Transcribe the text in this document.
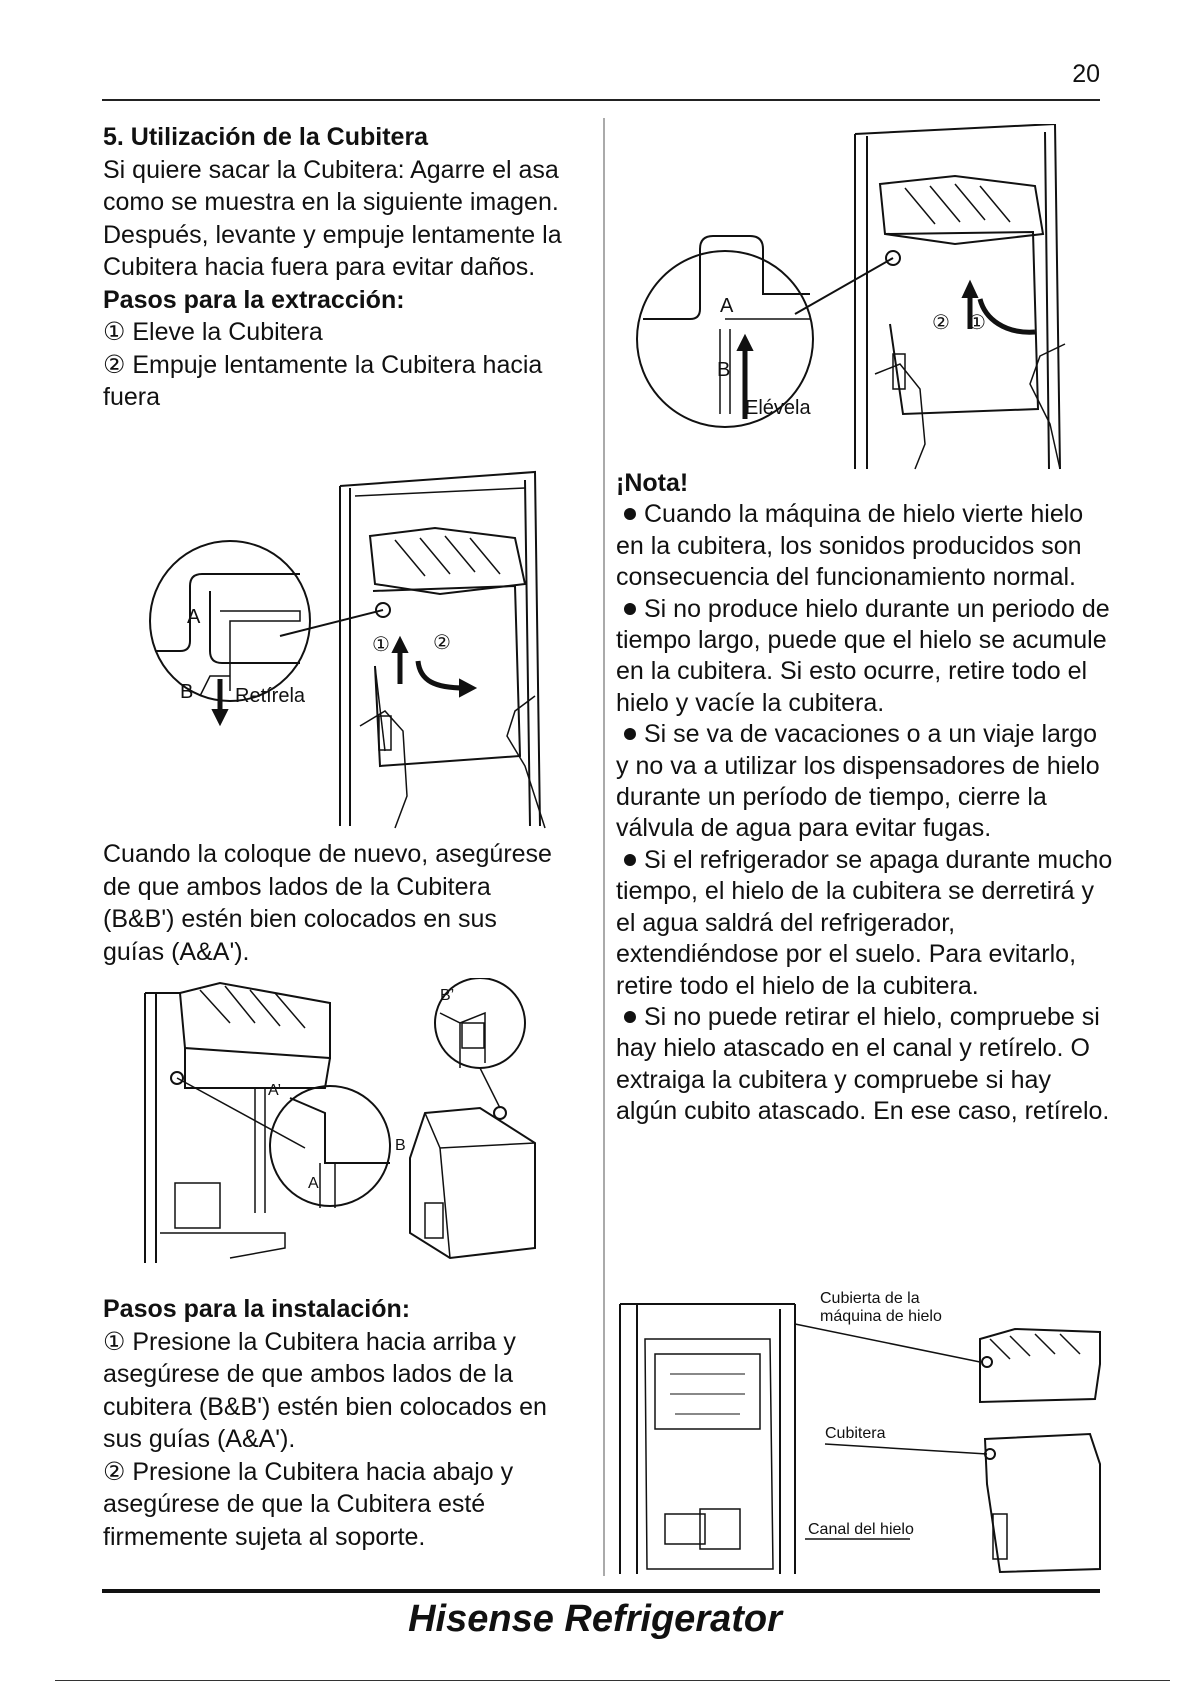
20

5. Utilización de la Cubitera

Si quiere sacar la Cubitera: Agarre el asa como se muestra en la siguiente imagen. Después, levante y empuje lentamente la Cubitera hacia fuera para evitar daños.

Pasos para la extracción:

① Eleve la Cubitera

② Empuje lentamente la Cubitera hacia fuera

① ②
A
B Retírela

Cuando la coloque de nuevo, asegúrese de que ambos lados de la Cubitera (B&B') estén bien colocados en sus guías (A&A').

A’
A
B’
B

Pasos para la instalación:

① Presione la Cubitera hacia arriba y asegúrese de que ambos lados de la cubitera (B&B') estén bien colocados en sus guías (A&A').

② Presione la Cubitera hacia abajo y asegúrese de que la Cubitera esté firmemente sujeta al soporte.

② ①
A
B
Elévela

¡Nota!

Cuando la máquina de hielo vierte hielo en la cubitera, los sonidos producidos son consecuencia del funcionamiento normal.

Si no produce hielo durante un periodo de tiempo largo, puede que el hielo se acumule en la cubitera. Si esto ocurre, retire todo el hielo y vacíe la cubitera.

Si se va de vacaciones o a un viaje largo y no va a utilizar los dispensadores de hielo durante un período de tiempo, cierre la válvula de agua para evitar fugas.

Si el refrigerador se apaga durante mucho tiempo, el hielo de la cubitera se derretirá y el agua saldrá del refrigerador, extendiéndose por el suelo. Para evitarlo, retire todo el hielo de la cubitera.

Si no puede retirar el hielo, compruebe si hay hielo atascado en el canal y retírelo. O extraiga la cubitera y compruebe si hay algún cubito atascado. En ese caso, retírelo.

Cubierta de la
máquina de hielo
Cubitera
Canal del hielo
Hisense Refrigerator
